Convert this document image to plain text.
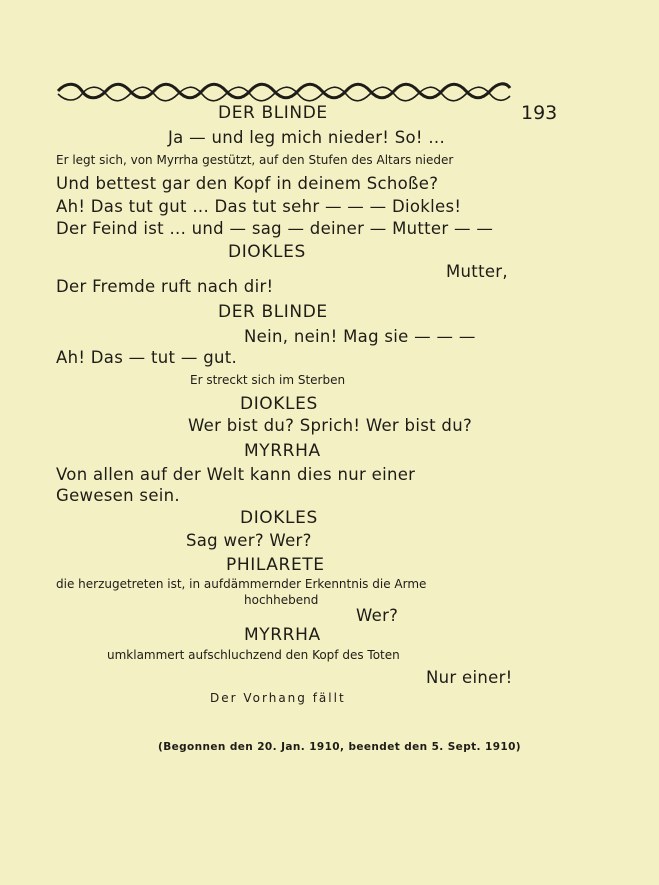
DER BLINDE	193
Ja — und leg mich nieder! So! ...
Er legt sich, von Myrrha gestützt, auf den Stufen des Altars nieder
Und bettest gar den Kopf in deinem Schoße?
Ah! Das tut gut ... Das tut sehr — — — Diokles!
Der Feind ist ... und — sag — deiner — Mutter — —
DIOKLES
Mutter,
Der Fremde ruft nach dir!
DER BLINDE
Nein, nein! Mag sie — — —
Ah! Das — tut — gut.
Er streckt sich im Sterben
DIOKLES
Wer bist du? Sprich! Wer bist du?
MYRRHA
Von allen auf der Welt kann dies nur einer
Gewesen sein.
DIOKLES
Sag wer? Wer?
PHILARETE
die herzugetreten ist, in aufdämmernder Erkenntnis die Arme
hochhebend
Wer?
MYRRHA
umklammert aufschluchzend den Kopf des Toten
Nur einer!
Der Vorhang fällt
(Begonnen den 20. Jan. 1910, beendet den 5. Sept. 1910)
